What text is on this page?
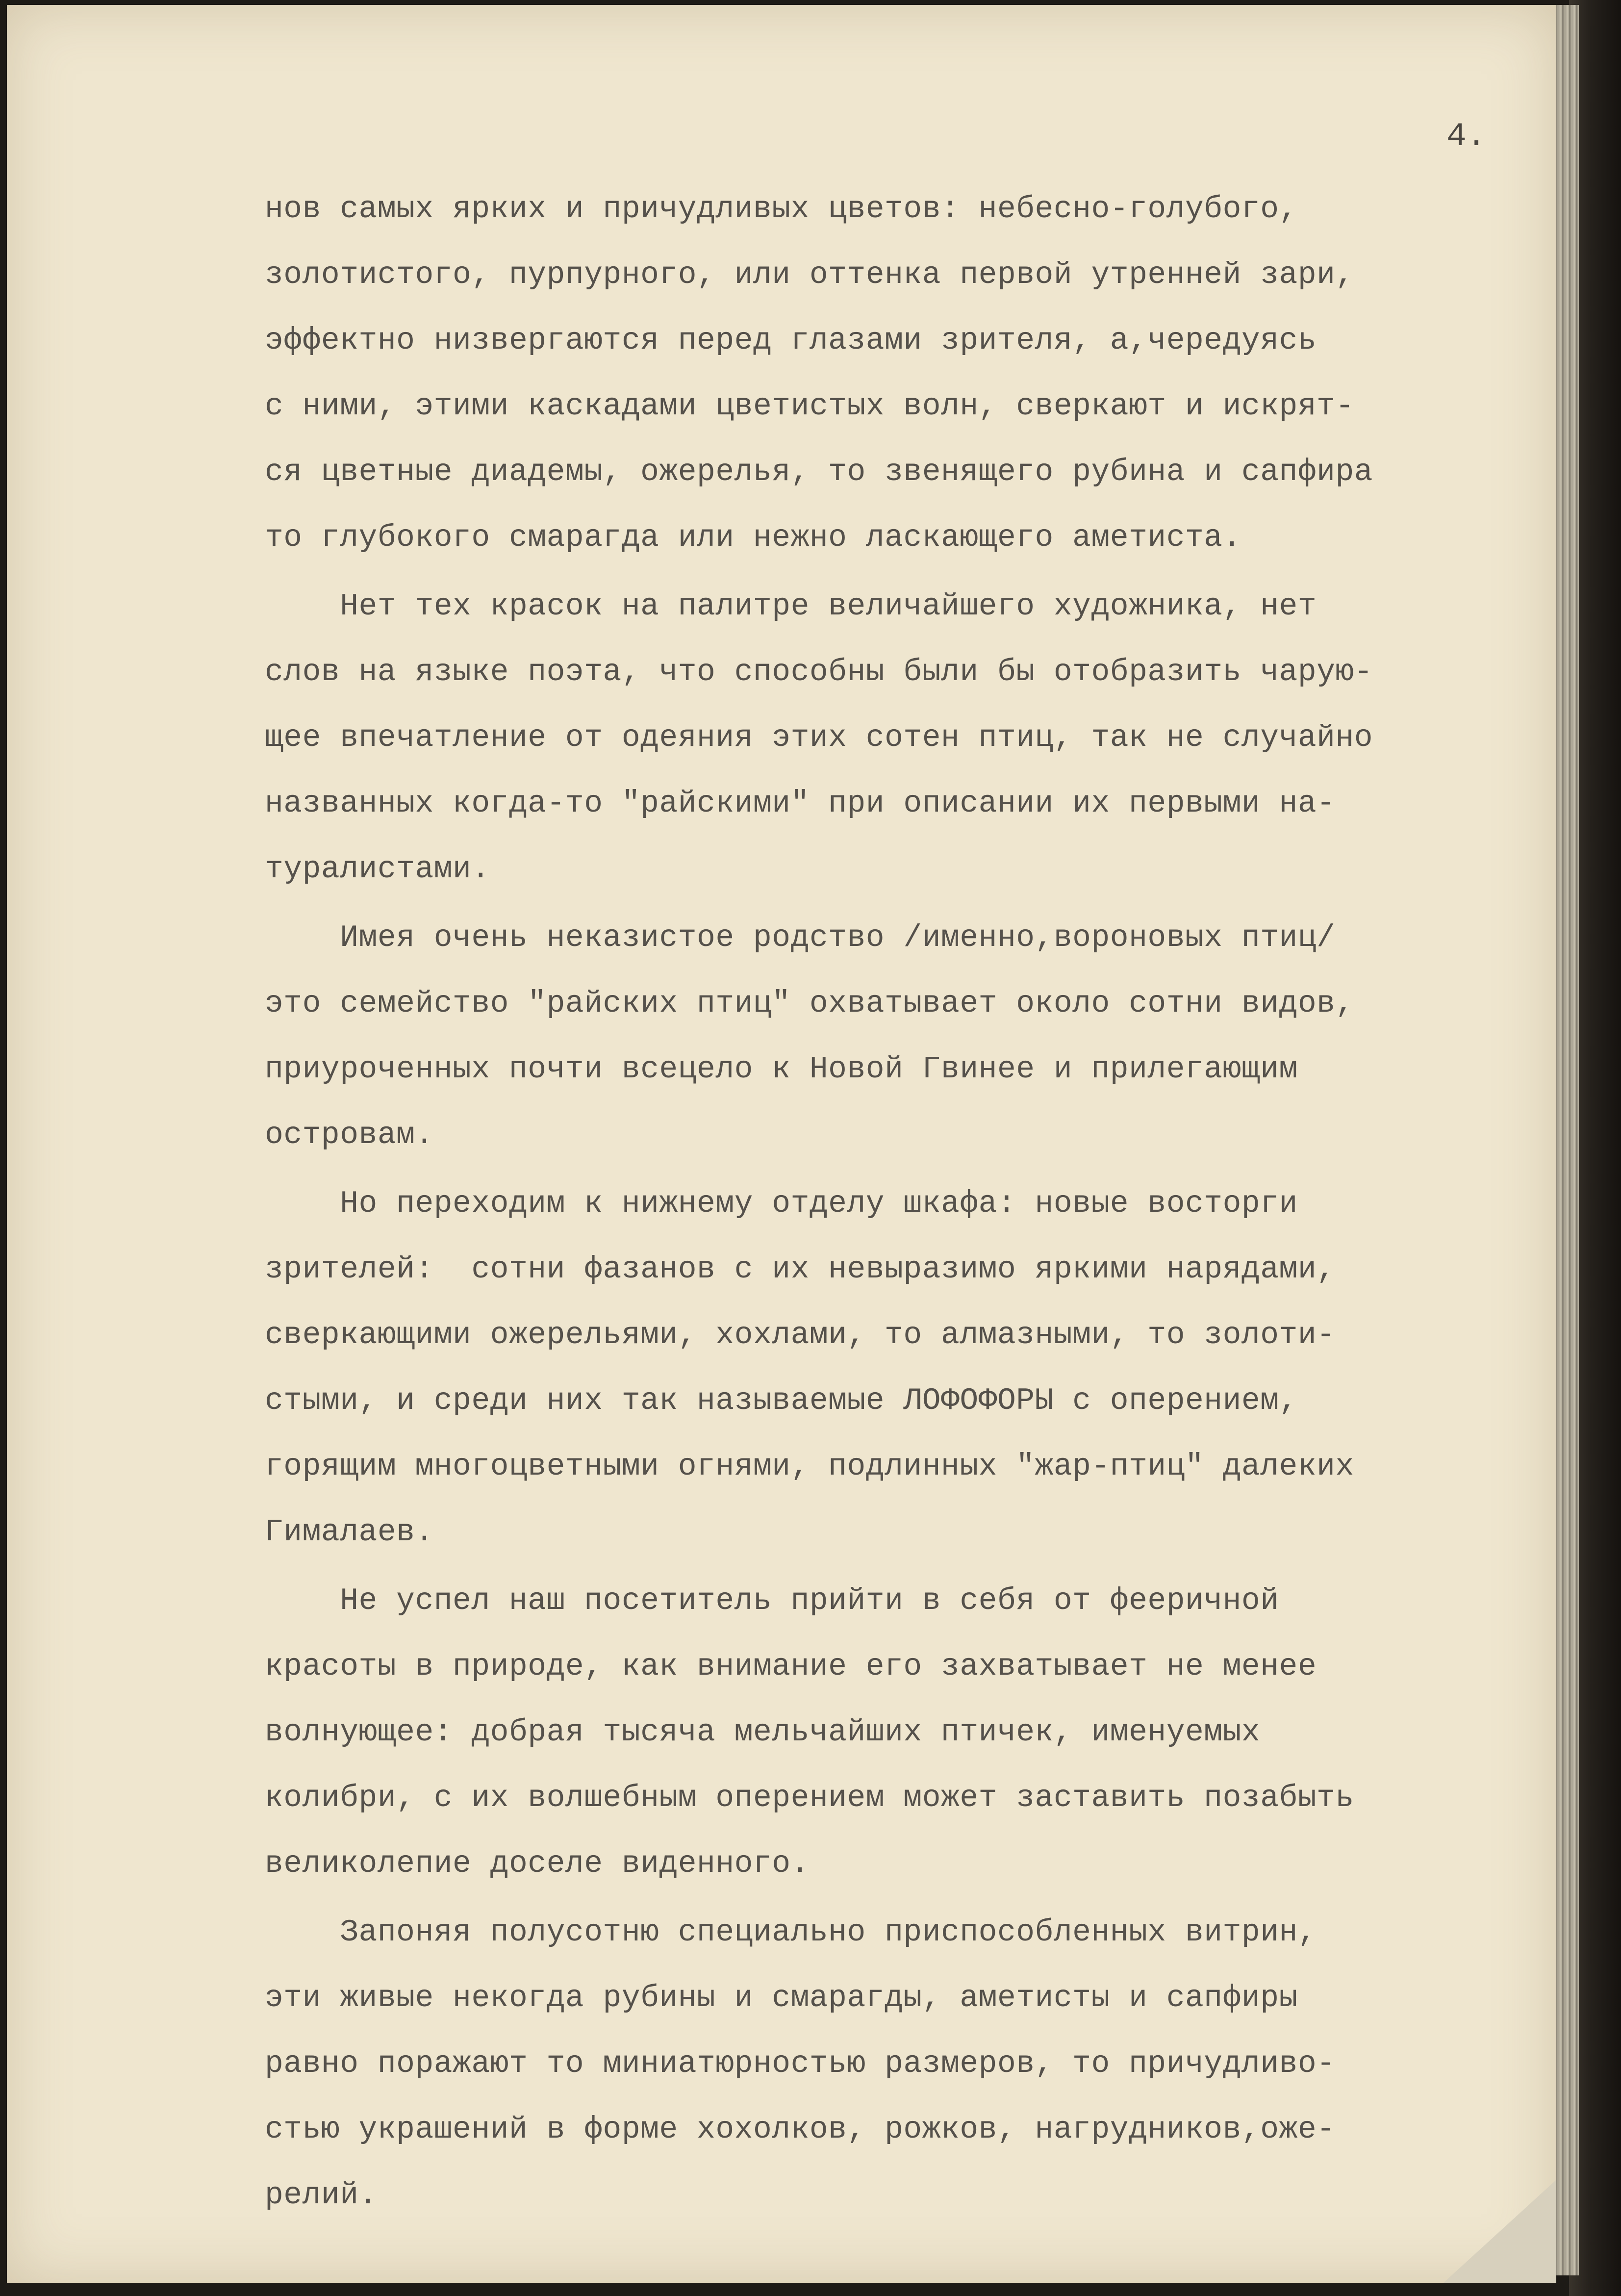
4.

нов самых ярких и причудливых цветов: небесно-голубого,
золотистого, пурпурного, или оттенка первой утренней зари,
эффектно низвергаются перед глазами зрителя, а,чередуясь
с ними, этими каскадами цветистых волн, сверкают и искрят-
ся цветные диадемы, ожерелья, то звенящего рубина и сапфира
то глубокого смарагда или нежно ласкающего аметиста.
Нет тех красок на палитре величайшего художника, нет
слов на языке поэта, что способны были бы отобразить чарую-
щее впечатление от одеяния этих сотен птиц, так не случайно
названных когда-то "райскими" при описании их первыми на-
туралистами.
Имея очень неказистое родство /именно,вороновых птиц/
это семейство "райских птиц" охватывает около сотни видов,
приуроченных почти всецело к Новой Гвинее и прилегающим
островам.
Но переходим к нижнему отделу шкафа: новые восторги
зрителей:  сотни фазанов с их невыразимо яркими нарядами,
сверкающими ожерельями, хохлами, то алмазными, то золоти-
стыми, и среди них так называемые ЛОФОФОРЫ с оперением,
горящим многоцветными огнями, подлинных "жар-птиц" далеких
Гималаев.
Не успел наш посетитель прийти в себя от фееричной
красоты в природе, как внимание его захватывает не менее
волнующее: добрая тысяча мельчайших птичек, именуемых
колибри, с их волшебным оперением может заставить позабыть
великолепие доселе виденного.
Запоняя полусотню специально приспособленных витрин,
эти живые некогда рубины и смарагды, аметисты и сапфиры
равно поражают то миниатюрностью размеров, то причудливо-
стью украшений в форме хохолков, рожков, нагрудников,оже-
релий.
